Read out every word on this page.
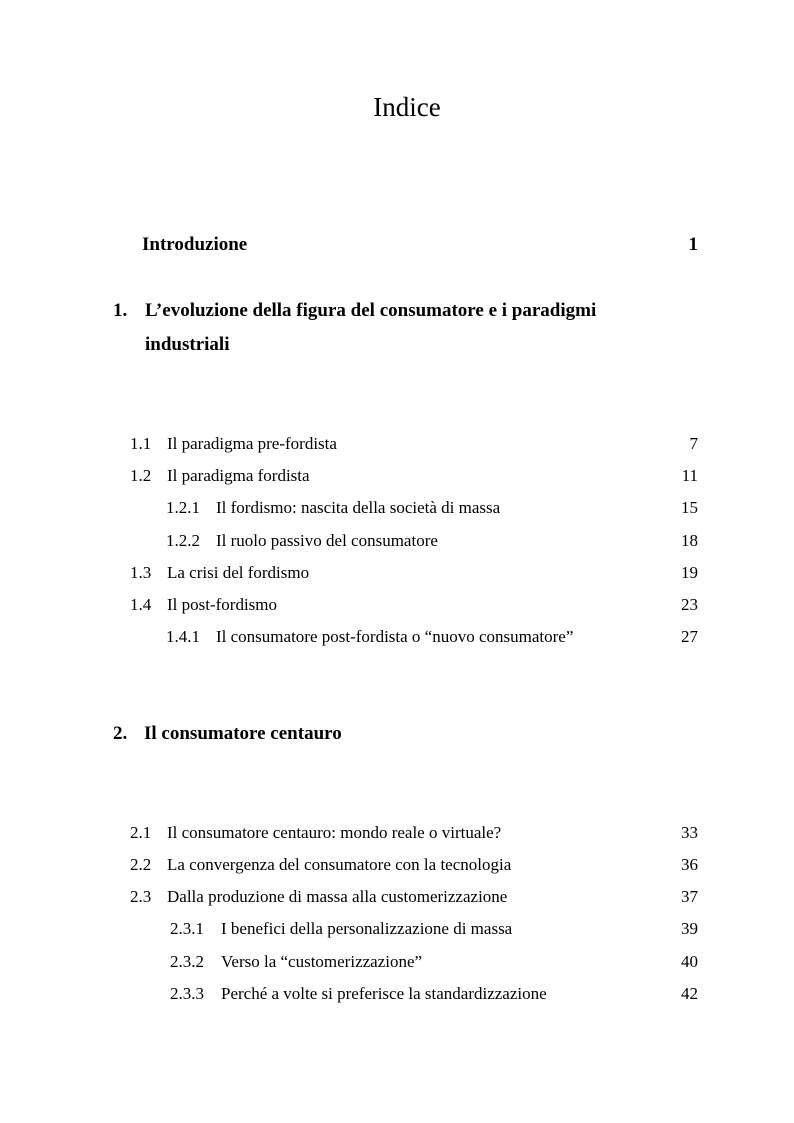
Indice
Introduzione	1
1. L’evoluzione della figura del consumatore e i paradigmi industriali
1.1 Il paradigma pre-fordista	7
1.2 Il paradigma fordista	11
1.2.1 Il fordismo: nascita della società di massa	15
1.2.2 Il ruolo passivo del consumatore	18
1.3 La crisi del fordismo	19
1.4 Il post-fordismo	23
1.4.1 Il consumatore post-fordista o “nuovo consumatore”	27
2. Il consumatore centauro
2.1 Il consumatore centauro: mondo reale o virtuale?	33
2.2 La convergenza del consumatore con la tecnologia	36
2.3 Dalla produzione di massa alla customerizzazione	37
2.3.1 I benefici della personalizzazione di massa	39
2.3.2 Verso la “customerizzazione”	40
2.3.3 Perché a volte si preferisce la standardizzazione	42
